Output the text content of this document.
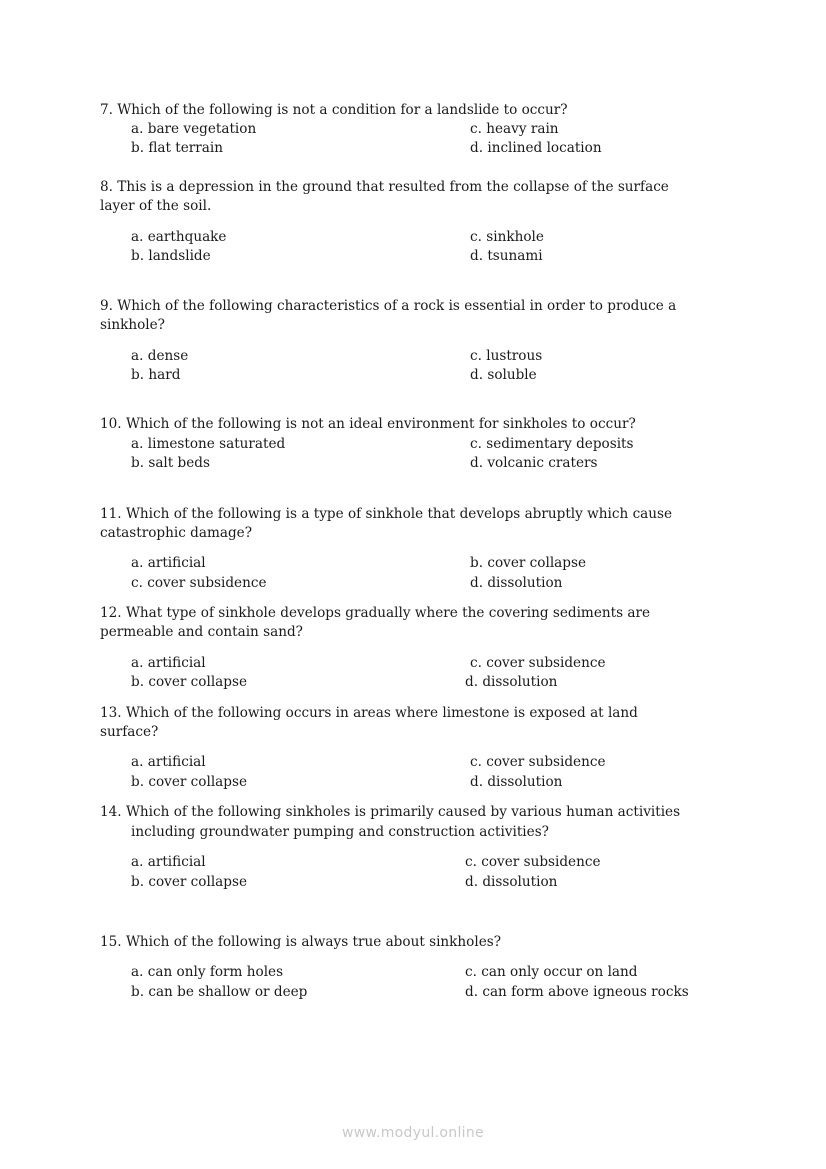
7. Which of the following is not a condition for a landslide to occur?
a. bare vegetation	c. heavy rain
b. flat terrain	d. inclined location
8. This is a depression in the ground that resulted from the collapse of the surface
layer of the soil.
a. earthquake	c. sinkhole
b. landslide	d. tsunami
9. Which of the following characteristics of a rock is essential in order to produce a
sinkhole?
a. dense	c. lustrous
b. hard	d. soluble
10. Which of the following is not an ideal environment for sinkholes to occur?
a. limestone saturated	c. sedimentary deposits
b. salt beds	d. volcanic craters
11. Which of the following is a type of sinkhole that develops abruptly which cause
catastrophic damage?
a. artificial	b. cover collapse
c. cover subsidence	d. dissolution
12. What type of sinkhole develops gradually where the covering sediments are
permeable and contain sand?
a. artificial	c. cover subsidence
b. cover collapse	d. dissolution
13. Which of the following occurs in areas where limestone is exposed at land
surface?
a. artificial	c. cover subsidence
b. cover collapse	d. dissolution
14. Which of the following sinkholes is primarily caused by various human activities
including groundwater pumping and construction activities?
a. artificial	c. cover subsidence
b. cover collapse	d. dissolution
15. Which of the following is always true about sinkholes?
a. can only form holes	c. can only occur on land
b. can be shallow or deep	d. can form above igneous rocks
www.modyul.online
